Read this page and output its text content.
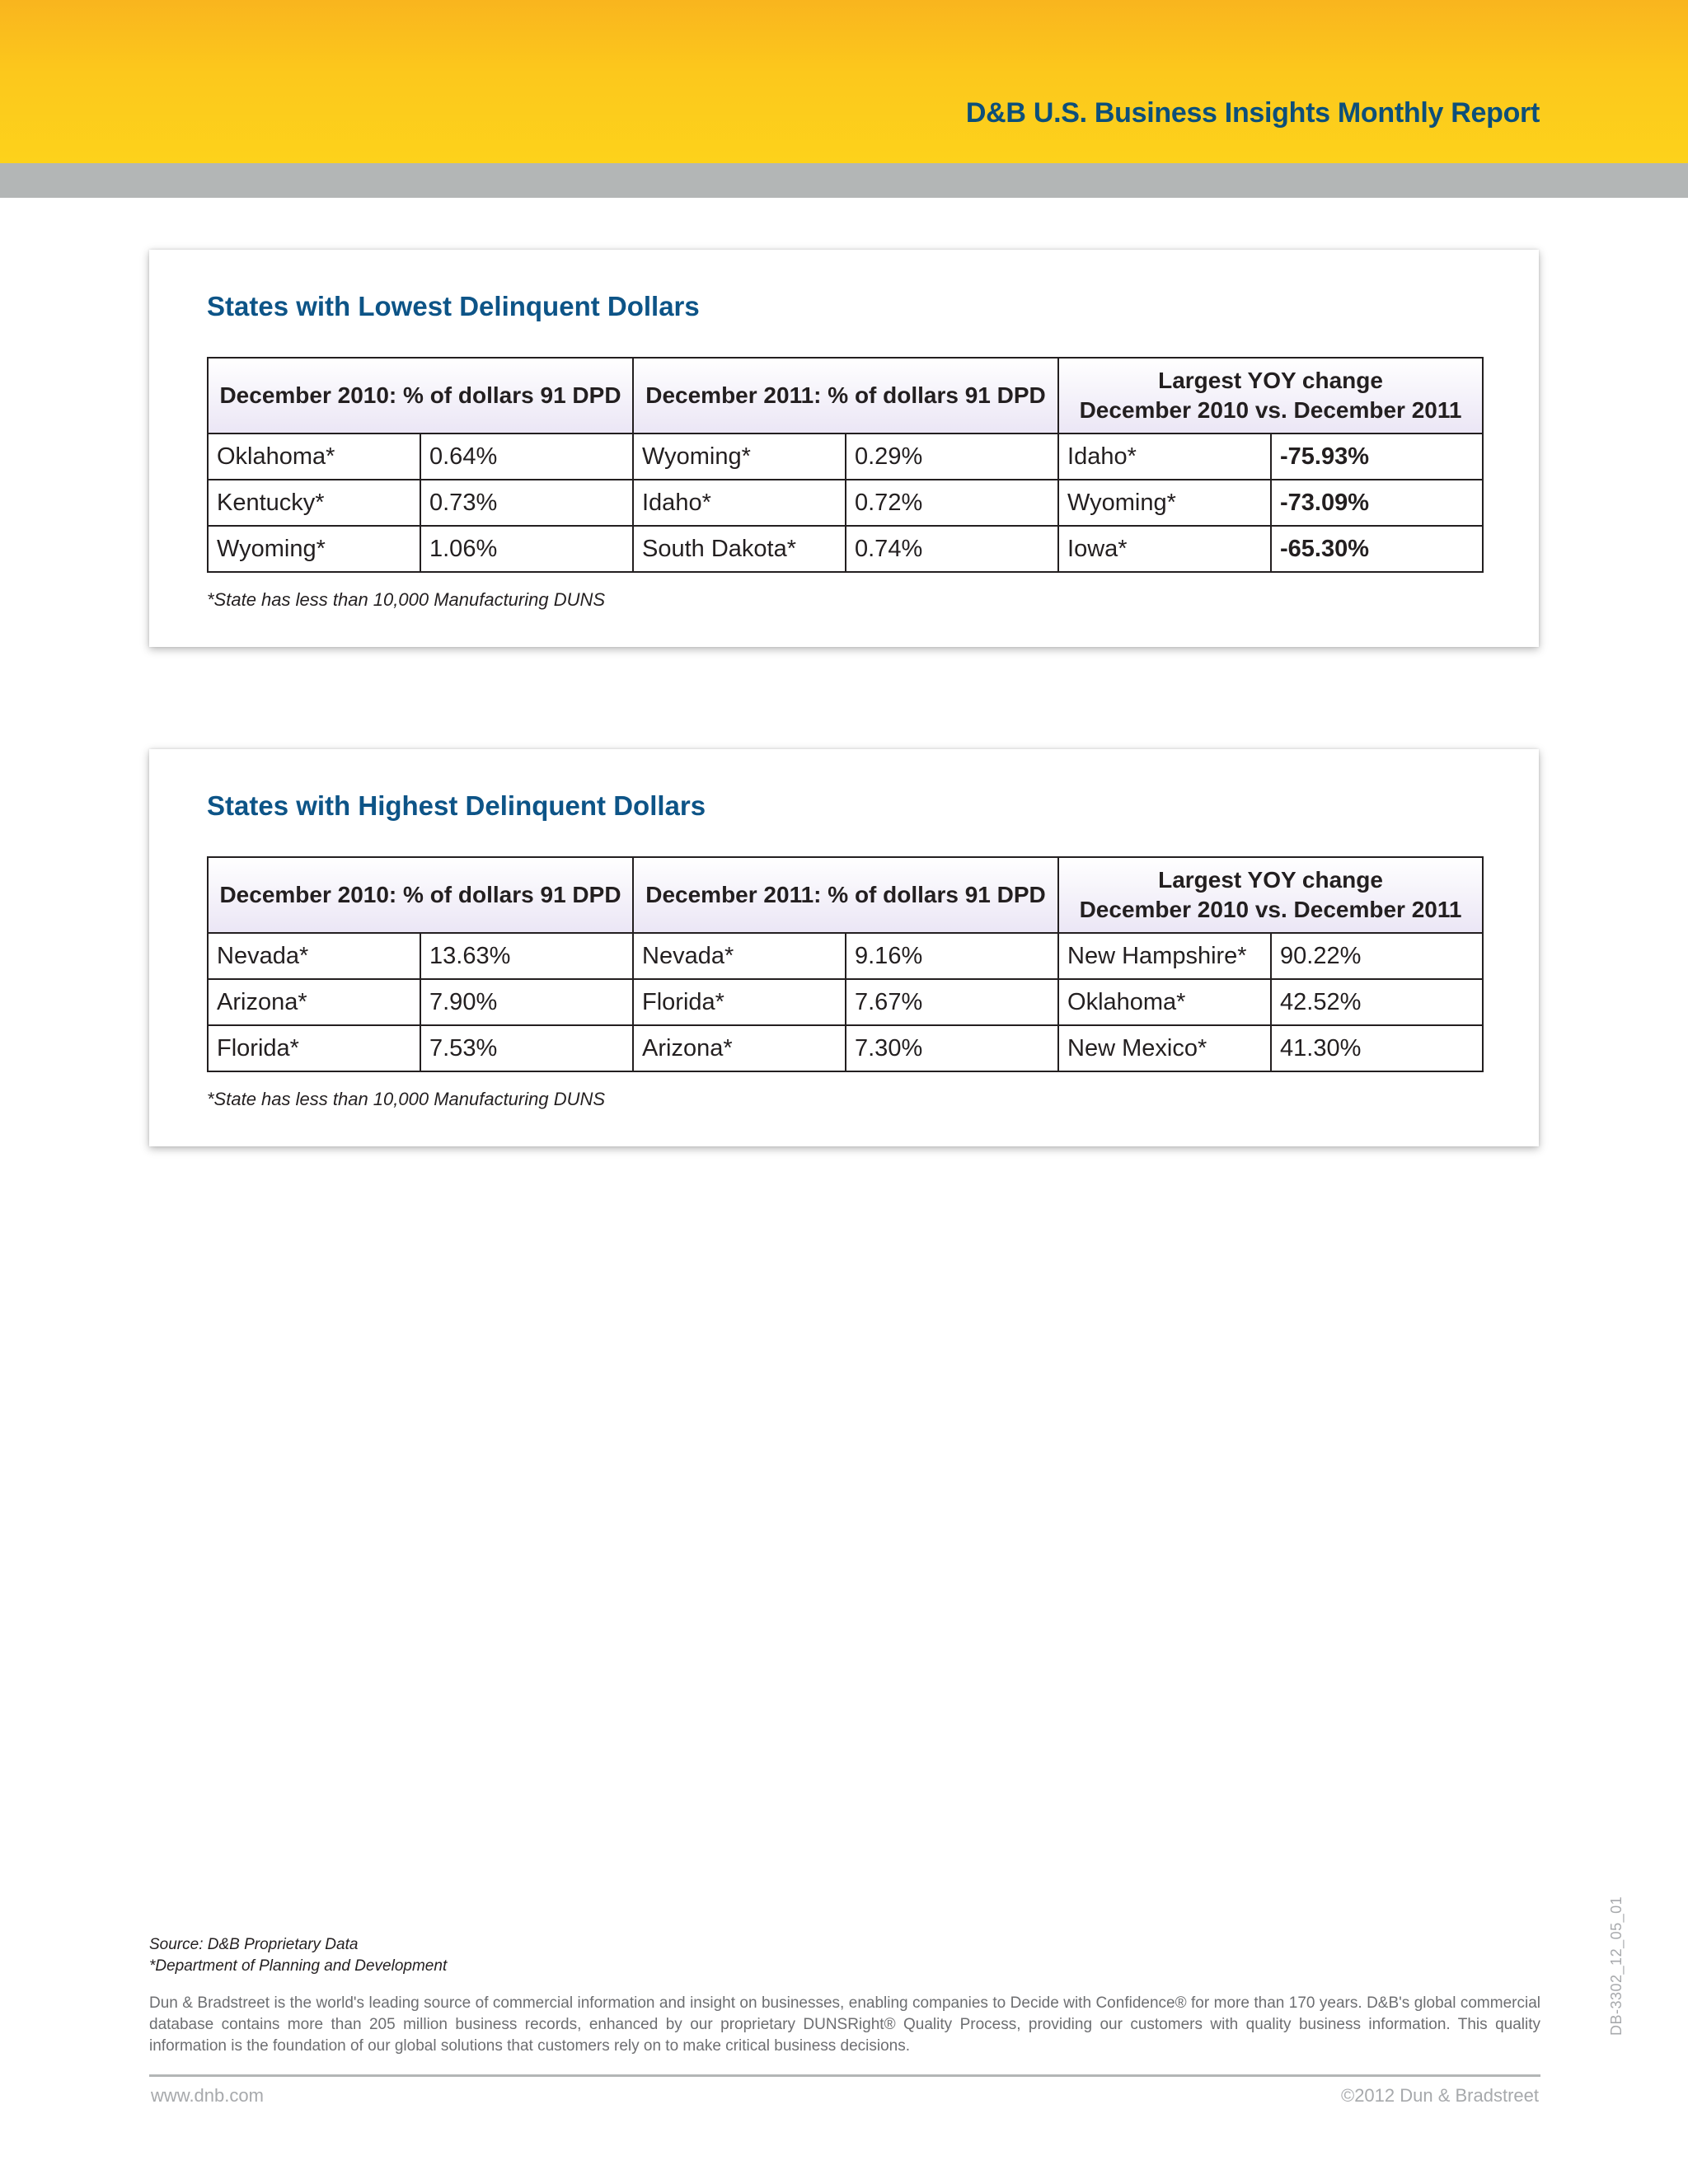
D&B U.S. Business Insights Monthly Report
States with Lowest Delinquent Dollars
December 2010: % of dollars 91 DPD		December 2011: % of dollars 91 DPD		Largest YOY change
December 2010 vs. December 2011	

Oklahoma*	0.64%	Wyoming*	0.29%	Idaho*	-75.93%
Kentucky*	0.73%	Idaho*	0.72%	Wyoming*	-73.09%
Wyoming*	1.06%	South Dakota*	0.74%	Iowa*	-65.30%
*State has less than 10,000 Manufacturing DUNS
States with Highest Delinquent Dollars
December 2010: % of dollars 91 DPD		December 2011: % of dollars 91 DPD		Largest YOY change
December 2010 vs. December 2011	

Nevada*	13.63%	Nevada*	9.16%	New Hampshire*	90.22%
Arizona*	7.90%	Florida*	7.67%	Oklahoma*	42.52%
Florida*	7.53%	Arizona*	7.30%	New Mexico*	41.30%
*State has less than 10,000 Manufacturing DUNS
Source: D&B Proprietary Data
*Department of Planning and Development

Dun & Bradstreet is the world's leading source of commercial information and insight on businesses, enabling companies to Decide with Confidence® for more than 170 years. D&B's global commercial database contains more than 205 million business records, enhanced by our proprietary DUNSRight® Quality Process, providing our customers with quality business information. This quality information is the foundation of our global solutions that customers rely on to make critical business decisions.

www.dnb.com	©2012 Dun & Bradstreet
DB-3302_12_05_01
